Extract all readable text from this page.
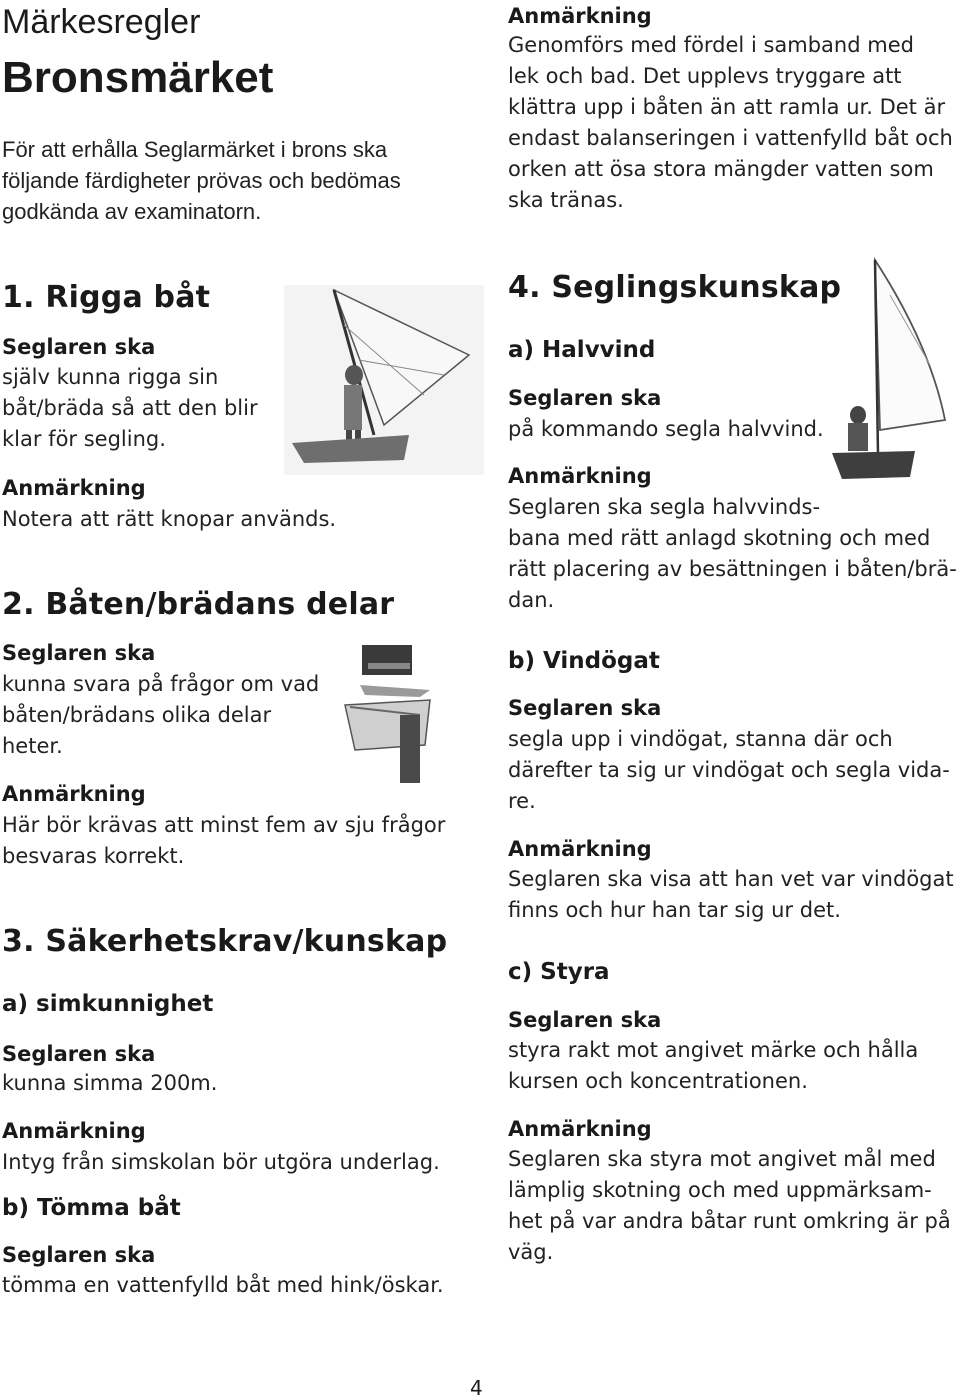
Märkesregler
Bronsmärket
För att erhålla Seglarmärket i brons ska
följande färdigheter prövas och bedömas
godkända av examinatorn.
1. Rigga båt
Seglaren ska
själv kunna rigga sin
båt/bräda så att den blir
klar för segling.
Anmärkning
Notera att rätt knopar används.
2. Båten/brädans delar
Seglaren ska
kunna svara på frågor om vad
båten/brädans olika delar
heter.
Anmärkning
Här bör krävas att minst fem av sju frågor
besvaras korrekt.
3. Säkerhetskrav/kunskap
a) simkunnighet
Seglaren ska
kunna simma 200m.
Anmärkning
Intyg från simskolan bör utgöra underlag.
b) Tömma båt
Seglaren ska
tömma en vattenfylld båt med hink/öskar.
Anmärkning
Genomförs med fördel i samband med
lek och bad. Det upplevs tryggare att
klättra upp i båten än att ramla ur. Det är
endast balanseringen i vattenfylld båt och
orken att ösa stora mängder vatten som
ska tränas.
4. Seglingskunskap
a) Halvvind
Seglaren ska
på kommando segla halvvind.
Anmärkning
Seglaren ska segla halvvinds-
bana med rätt anlagd skotning och med
rätt placering av besättningen i båten/brä-
dan.
b) Vindögat
Seglaren ska
segla upp i vindögat, stanna där och
därefter ta sig ur vindögat och segla vida-
re.
Anmärkning
Seglaren ska visa att han vet var vindögat
finns och hur han tar sig ur det.
c) Styra
Seglaren ska
styra rakt mot angivet märke och hålla
kursen och koncentrationen.
Anmärkning
Seglaren ska styra mot angivet mål med
lämplig skotning och med uppmärksam-
het på var andra båtar runt omkring är på
väg.
4
